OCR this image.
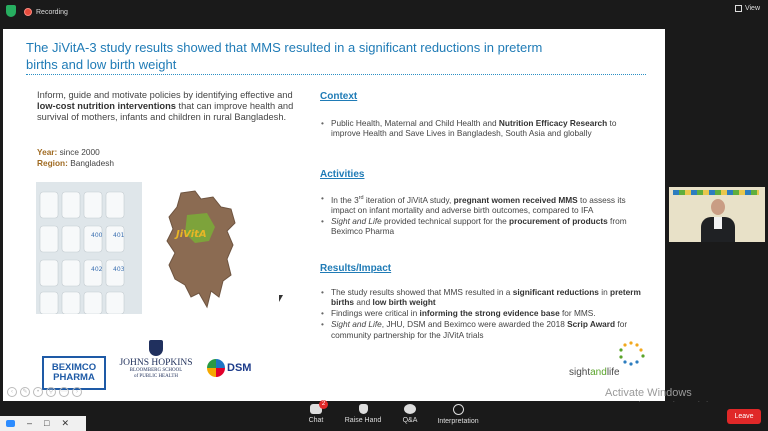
Recording	View
The JiVitA-3 study results showed that MMS resulted in a significant reductions in preterm births and low birth weight

Inform, guide and motivate policies by identifying effective and low-cost nutrition interventions that can improve health and survival of mothers, infants and children in rural Bangladesh.

Year: since 2000
Region: Bangladesh
400 401
402 403
JiVitA
BEXIMCO
PHARMA
JOHNS HOPKINS
BLOOMBERG SCHOOL
of PUBLIC HEALTH
DSM
Context
• Public Health, Maternal and Child Health and Nutrition Efficacy Research to improve Health and Save Lives in Bangladesh, South Asia and globally
Activities
• In the 3rd iteration of JiVitA study, pregnant women received MMS to assess its impact on infant mortality and adverse birth outcomes, compared to IFA
• Sight and Life provided technical support for the procurement of products from Beximco Pharma
Results/Impact
• The study results showed that MMS resulted in a significant reductions in preterm births and low birth weight
• Findings were critical in informing the strong evidence base for MMS.
• Sight and Life, JHU, DSM and Beximco were awarded the 2018 Scrip Award for community partnership for the JiVitA trials
sightandlife
‹	✎	•	⚲	⋯	›	Activate Windows
2
Chat	Raise Hand	Q&A	Interpretation
Leave
– □ ✕
